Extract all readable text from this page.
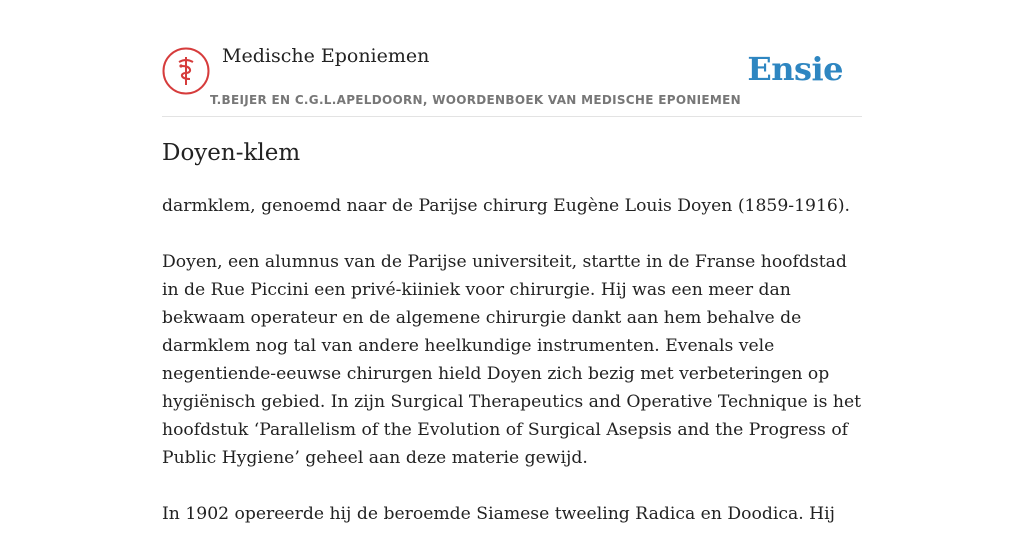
Medische Eponiemen
T.BEIJER EN C.G.L.APELDOORN, WOORDENBOEK VAN MEDISCHE EPONIEMEN
Ensie
Doyen-klem

darmklem, genoemd naar de Parijse chirurg Eugène Louis Doyen (1859-1916).

Doyen, een alumnus van de Parijse universiteit, startte in de Franse hoofdstad in de Rue Piccini een privé-kiiniek voor chirurgie. Hij was een meer dan bekwaam operateur en de algemene chirurgie dankt aan hem behalve de darmklem nog tal van andere heelkundige instrumenten. Evenals vele negentiende-eeuwse chirurgen hield Doyen zich bezig met verbeteringen op hygiënisch gebied. In zijn Surgical Therapeutics and Operative Technique is het hoofdstuk ‘Parallelism of the Evolution of Surgical Asepsis and the Progress of Public Hygiene’ geheel aan deze materie gewijd.

In 1902 opereerde hij de beroemde Siamese tweeling Radica en Doodica. Hij
